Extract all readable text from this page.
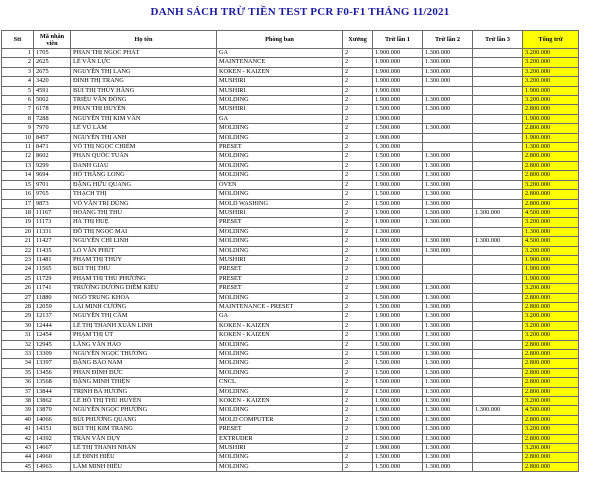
DANH SÁCH TRỪ TIỀN TEST PCR F0-F1 THÁNG 11/2021
Stt	Mã nhân viên	Họ tên	Phòng ban	Xưởng	Trừ lần 1	Trừ lần 2	Trừ lần 3	Tổng trừ
1	1705	PHAN THỊ NGỌC PHÁT	GA	2	1.900.000	1.300.000		3.200.000
2	2625	LÊ VĂN LỰC	MAINTENANCE	2	1.900.000	1.300.000		3.200.000
3	2675	NGUYỄN THỊ LANG	KOKEN - KAIZEN	2	1.900.000	1.300.000		3.200.000
4	3420	ĐINH THỊ TRANG	MUSHIRI	2	1.900.000	1.300.000		3.200.000
5	4591	BÙI THỊ THÚY HẰNG	MUSHIRI	2	1.900.000			1.900.000
6	5002	TRIỆU VĂN ĐỒNG	MOLDING	2	1.900.000	1.300.000		3.200.000
7	6178	PHAN THỊ HUYỀN	MUSHIRI	2	1.500.000	1.300.000		2.800.000
8	7288	NGUYỄN THỊ KIM VÂN	GA	2	1.900.000			1.900.000
9	7970	LÊ VŨ LÂM	MOLDING	2	1.500.000	1.300.000		2.800.000
10	8457	NGUYỄN THỊ ANH	MOLDING	2	1.900.000			1.900.000
11	8471	VÕ THỊ NGỌC CHIÊM	PRESET	2	1.300.000			1.300.000
12	8602	PHAN QUỐC TUẤN	MOLDING	2	1.500.000	1.300.000		2.800.000
13	9299	DANH GIÀU	MOLDING	2	1.500.000	1.300.000		2.800.000
14	9694	HỒ THĂNG LONG	MOLDING	2	1.500.000	1.300.000		2.800.000
15	9701	ĐẶNG HỮU QUANG	OVEN	2	1.900.000	1.300.000		3.200.000
16	9765	THẠCH THỊ	MOLDING	2	1.500.000	1.300.000		2.800.000
17	9873	VÕ VĂN TRÍ DŨNG	MOLD WASHING	2	1.500.000	1.300.000		2.800.000
18	11167	HOÀNG THỊ THU	MUSHIRI	2	1.900.000	1.300.000	1.300.000	4.500.000
19	11173	HÀ THỊ HUỆ	PRESET	2	1.900.000	1.300.000		3.200.000
20	11331	ĐỖ THỊ NGỌC MAI	MOLDING	2	1.300.000			1.300.000
21	11427	NGUYỄN CHÍ LINH	MOLDING	2	1.900.000	1.300.000	1.300.000	4.500.000
22	11435	LÒ VĂN PHÚT	MOLDING	2	1.900.000	1.300.000		3.200.000
23	11481	PHẠM THỊ THÚY	MUSHIRI	2	1.900.000			1.900.000
24	11565	BÙI THỊ THU	PRESET	2	1.900.000			1.900.000
25	11729	PHẠM THỊ THU PHƯƠNG	PRESET	2	1.900.000			1.900.000
26	11741	TRƯƠNG DƯƠNG DIỄM KIỀU	PRESET	2	1.900.000	1.300.000		3.200.000
27	11880	NGÔ TRUNG KHOA	MOLDING	2	1.500.000	1.300.000		2.800.000
28	12059	LẠI MINH CƯỜNG	MAINTENANCE - PRESET	2	1.500.000	1.300.000		2.800.000
29	12137	NGUYỄN THỊ CẨM	GA	2	1.900.000	1.300.000		3.200.000
30	12444	LÊ THỊ THANH XUÂN LINH	KOKEN - KAIZEN	2	1.900.000	1.300.000		3.200.000
31	12454	PHẠM THỊ ÚT	KOKEN - KAIZEN	2	1.900.000	1.300.000		3.200.000
32	12945	LĂNG VĂN HÀO	MOLDING	2	1.500.000	1.300.000		2.800.000
33	13309	NGUYỄN NGỌC THƯƠNG	MOLDING	2	1.500.000	1.300.000		2.800.000
34	13397	ĐẶNG BẢO NAM	MOLDING	2	1.500.000	1.300.000		2.800.000
35	13456	PHAN ĐÌNH ĐỨC	MOLDING	2	1.500.000	1.300.000		2.800.000
36	13568	ĐẶNG MINH THIỆN	CNCL	2	1.500.000	1.300.000		2.800.000
37	13844	TRỊNH BÁ HƯƠNG	MOLDING	2	1.500.000	1.300.000		2.800.000
38	13862	LÊ HỒ THỊ THU HUYỀN	KOKEN - KAIZEN	2	1.900.000	1.300.000		3.200.000
39	13870	NGUYỄN NGỌC PHƯỢNG	MOLDING	2	1.900.000	1.300.000	1.300.000	4.500.000
40	14066	BÙI PHƯƠNG QUANG	MOLD COMPUTER	2	1.500.000	1.300.000		2.800.000
41	14351	BÙI THỊ KIM TRANG	PRESET	2	1.900.000	1.300.000		3.200.000
42	14392	TRẦN VĂN DỤY	EXTRUDER	2	1.500.000	1.300.000		2.800.000
43	14667	LÊ THỊ THANH NHÀN	MUSHIRI	2	1.900.000	1.300.000		3.200.000
44	14960	LÊ ĐÌNH HIẾU	MOLDING	2	1.500.000	1.300.000		2.800.000
45	14963	LÂM MINH HIẾU	MOLDING	2	1.500.000	1.300.000		2.800.000
